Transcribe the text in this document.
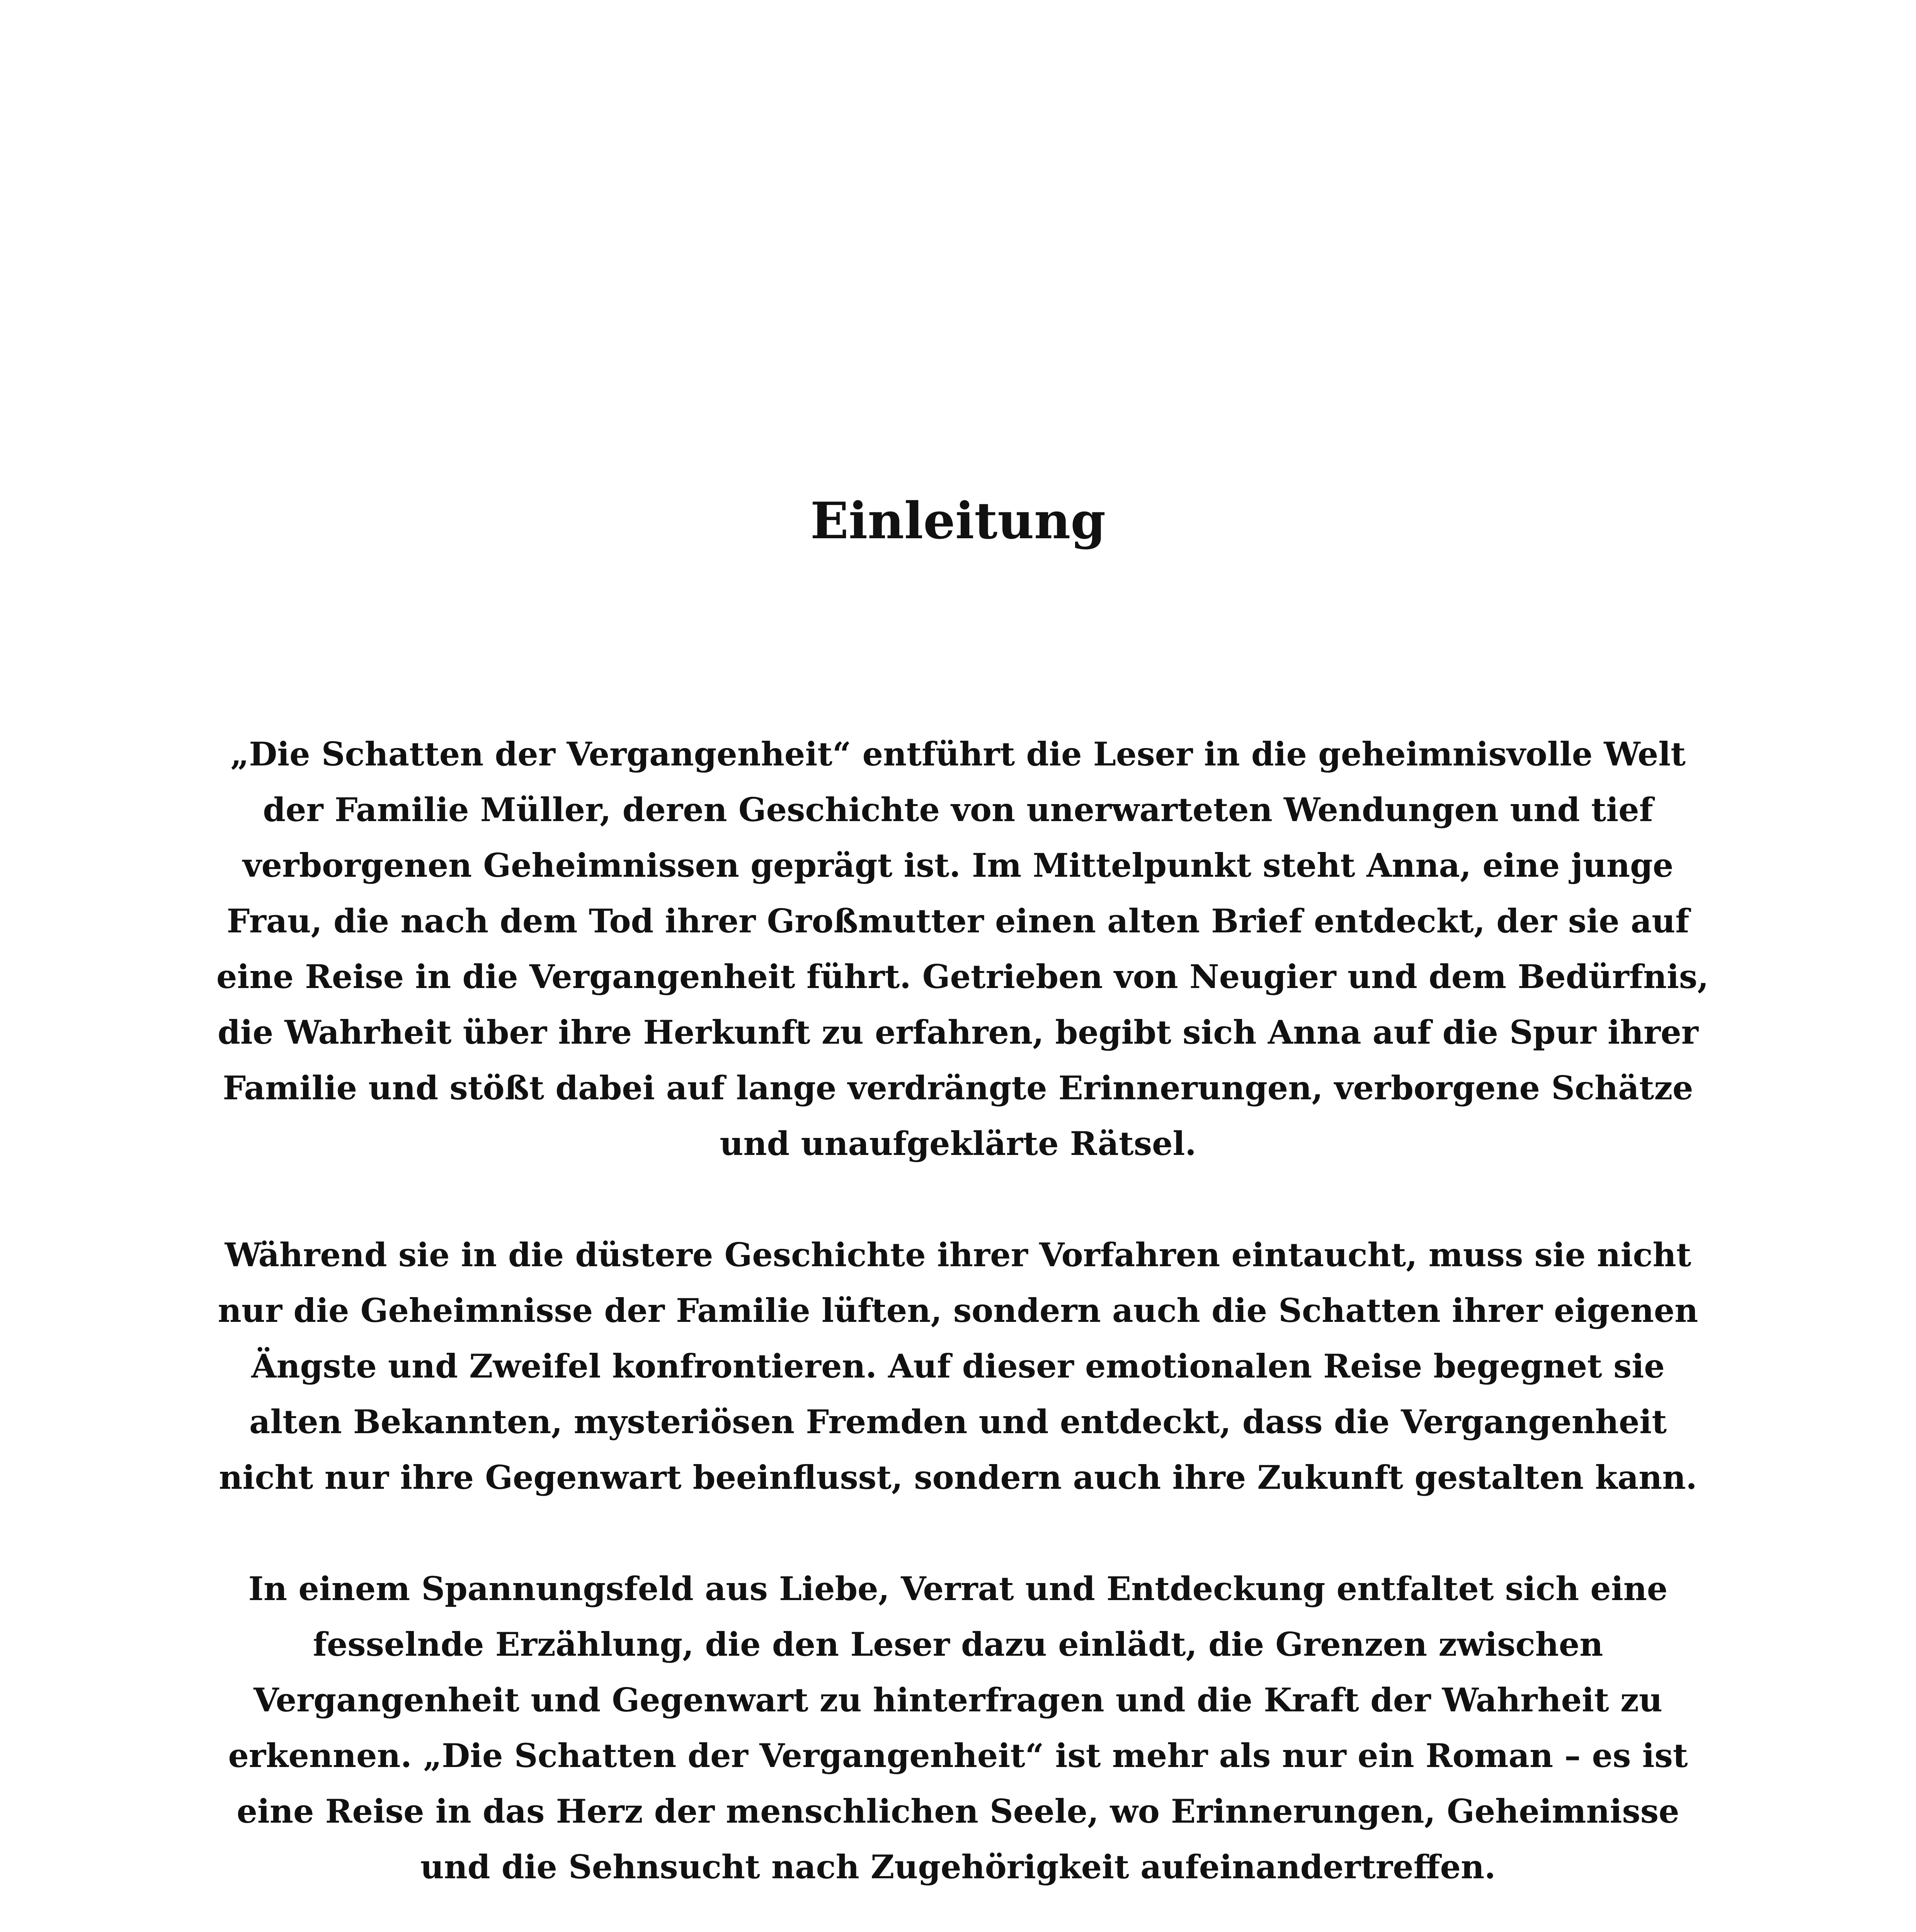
Einleitung

„Die Schatten der Vergangenheit“ entführt die Leser in die geheimnisvolle Welt
der Familie Müller, deren Geschichte von unerwarteten Wendungen und tief
verborgenen Geheimnissen geprägt ist. Im Mittelpunkt steht Anna, eine junge
Frau, die nach dem Tod ihrer Großmutter einen alten Brief entdeckt, der sie auf
eine Reise in die Vergangenheit führt. Getrieben von Neugier und dem Bedürfnis,
die Wahrheit über ihre Herkunft zu erfahren, begibt sich Anna auf die Spur ihrer
Familie und stößt dabei auf lange verdrängte Erinnerungen, verborgene Schätze
und unaufgeklärte Rätsel.

Während sie in die düstere Geschichte ihrer Vorfahren eintaucht, muss sie nicht
nur die Geheimnisse der Familie lüften, sondern auch die Schatten ihrer eigenen
Ängste und Zweifel konfrontieren. Auf dieser emotionalen Reise begegnet sie
alten Bekannten, mysteriösen Fremden und entdeckt, dass die Vergangenheit
nicht nur ihre Gegenwart beeinflusst, sondern auch ihre Zukunft gestalten kann.

In einem Spannungsfeld aus Liebe, Verrat und Entdeckung entfaltet sich eine
fesselnde Erzählung, die den Leser dazu einlädt, die Grenzen zwischen
Vergangenheit und Gegenwart zu hinterfragen und die Kraft der Wahrheit zu
erkennen. „Die Schatten der Vergangenheit“ ist mehr als nur ein Roman – es ist
eine Reise in das Herz der menschlichen Seele, wo Erinnerungen, Geheimnisse
und die Sehnsucht nach Zugehörigkeit aufeinandertreffen.
